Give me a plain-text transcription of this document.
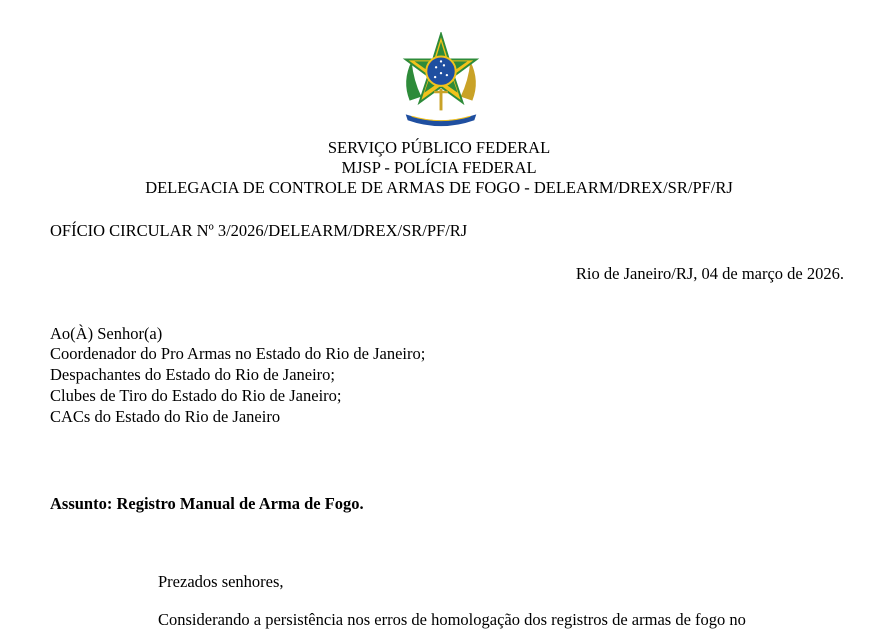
SERVIÇO PÚBLICO FEDERAL
MJSP - POLÍCIA FEDERAL
DELEGACIA DE CONTROLE DE ARMAS DE FOGO - DELEARM/DREX/SR/PF/RJ
OFÍCIO CIRCULAR Nº 3/2026/DELEARM/DREX/SR/PF/RJ
Rio de Janeiro/RJ, 04 de março de 2026.
Ao(À) Senhor(a)
Coordenador do Pro Armas no Estado do Rio de Janeiro;
Despachantes do Estado do Rio de Janeiro;
Clubes de Tiro do Estado do Rio de Janeiro;
CACs do Estado do Rio de Janeiro
Assunto: Registro Manual de Arma de Fogo.
Prezados senhores,
Considerando a persistência nos erros de homologação dos registros de armas de fogo no
